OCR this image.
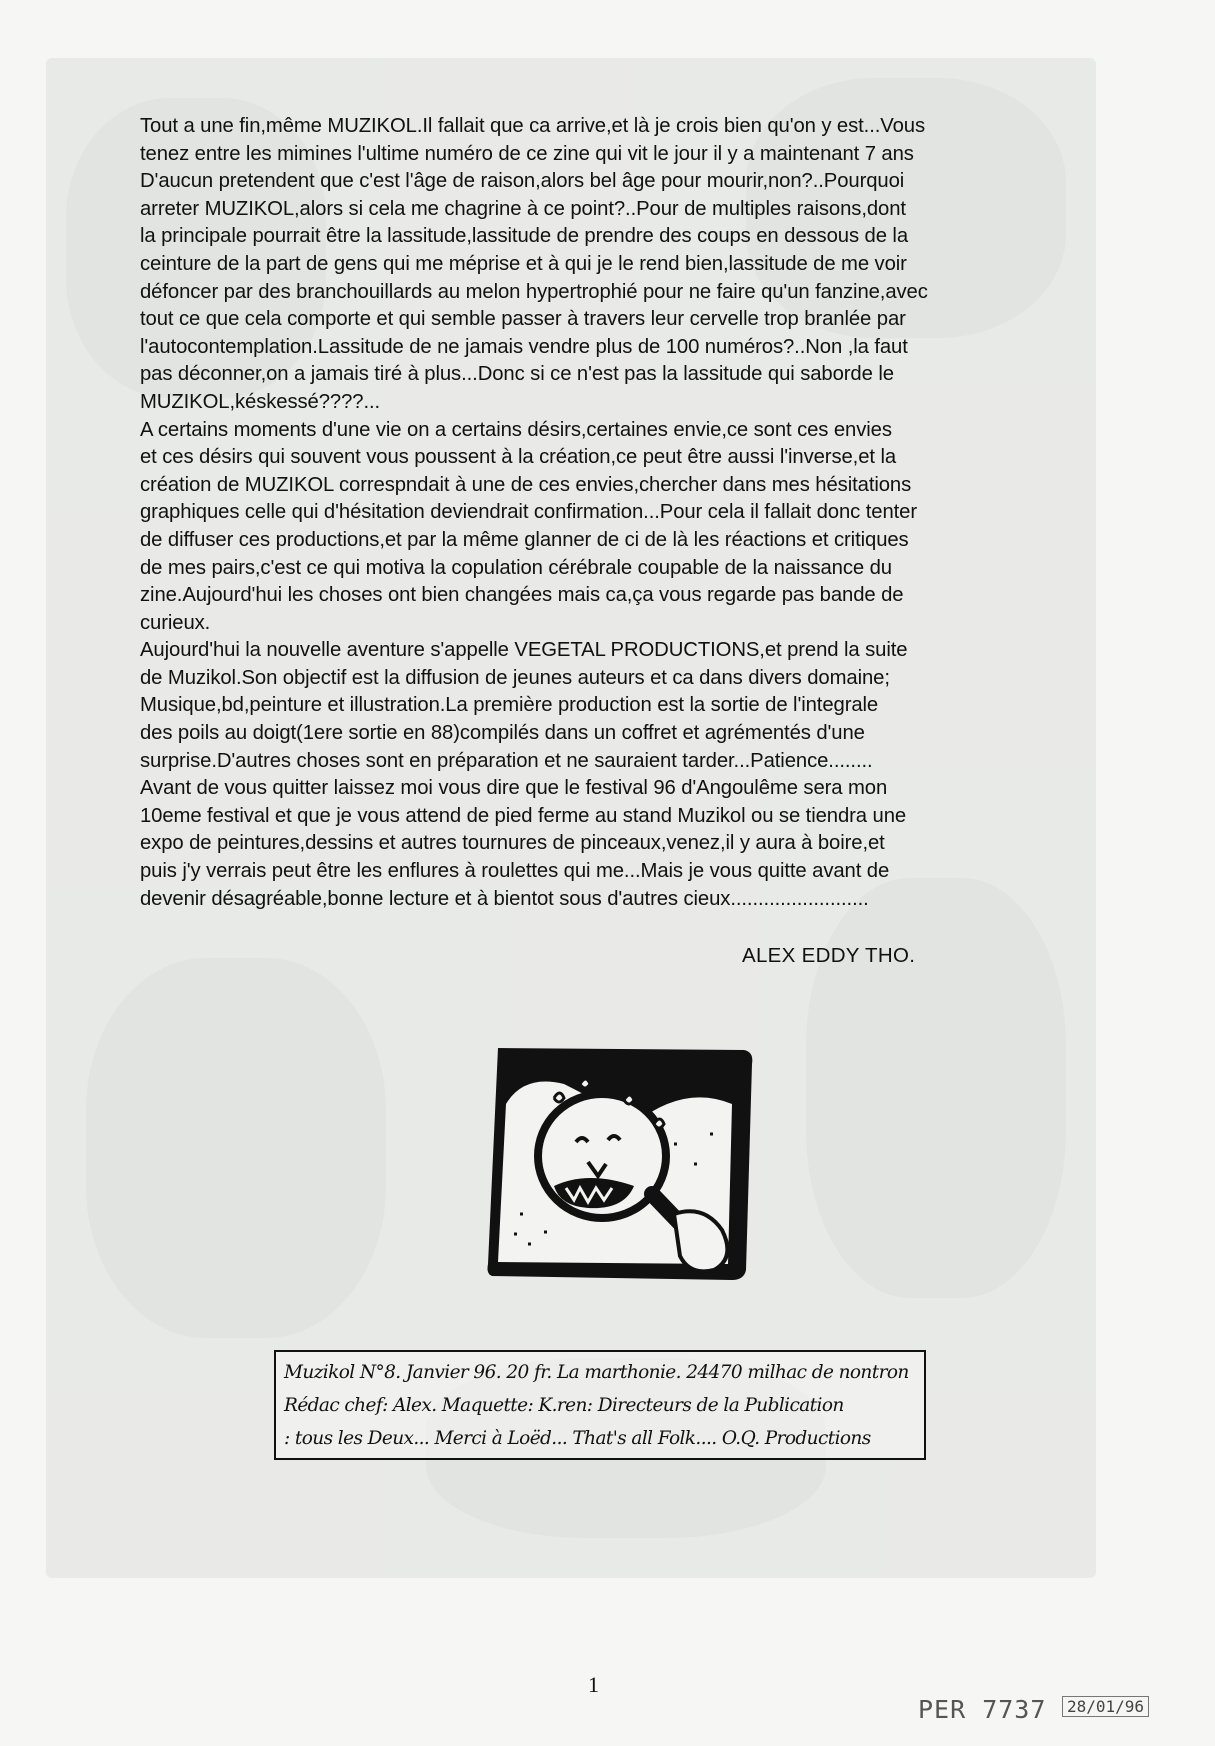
Tout a une fin,même MUZIKOL.Il fallait que ca arrive,et là je crois bien qu'on y est...Vous

tenez entre les mimines l'ultime numéro de ce zine qui vit le jour il y a maintenant 7 ans

D'aucun pretendent que c'est l'âge de raison,alors bel âge pour mourir,non?..Pourquoi

arreter MUZIKOL,alors si cela me chagrine à ce point?..Pour de multiples raisons,dont

la principale pourrait être la lassitude,lassitude de prendre des coups en dessous de la

ceinture de la part de gens qui me méprise et à qui je le rend bien,lassitude de me voir

défoncer par des branchouillards au melon hypertrophié pour ne faire qu'un fanzine,avec

tout ce que cela comporte et qui semble passer à travers leur cervelle trop branlée par

l'autocontemplation.Lassitude de ne jamais vendre plus de 100 numéros?..Non ,la faut

pas déconner,on a jamais tiré à plus...Donc si ce n'est pas la lassitude qui saborde le

MUZIKOL,késkessé????...

A certains moments d'une vie on a certains désirs,certaines envie,ce sont ces envies

et ces désirs qui souvent vous poussent à la création,ce peut être aussi l'inverse,et la

création de MUZIKOL correspndait à une de ces envies,chercher dans mes hésitations

graphiques celle qui d'hésitation deviendrait confirmation...Pour cela il fallait donc tenter

de diffuser ces productions,et par la même glanner de ci de là les réactions et critiques

de mes pairs,c'est ce qui motiva la copulation cérébrale coupable de la naissance du

zine.Aujourd'hui les choses ont bien changées mais ca,ça vous regarde pas bande de

curieux.

Aujourd'hui la nouvelle aventure s'appelle VEGETAL PRODUCTIONS,et prend la suite

de Muzikol.Son objectif est la diffusion de jeunes auteurs et ca dans divers domaine;

Musique,bd,peinture et illustration.La première production est la sortie de l'integrale

des poils au doigt(1ere sortie en 88)compilés dans un coffret et agrémentés d'une

surprise.D'autres choses sont en préparation et ne sauraient tarder...Patience........

Avant de vous quitter laissez moi vous dire que le festival 96 d'Angoulême sera mon

10eme festival et que je vous attend de pied ferme au stand Muzikol ou se tiendra une

expo de peintures,dessins et autres tournures de pinceaux,venez,il y aura à boire,et

puis j'y verrais peut être les enflures à roulettes qui me...Mais je vous quitte avant de

devenir désagréable,bonne lecture et à bientot sous d'autres cieux.........................

ALEX EDDY THO.
Muzikol N°8. Janvier 96. 20 fr. La marthonie. 24470 milhac de nontron
Rédac chef: Alex. Maquette: K.ren: Directeurs de la Publication
: tous les Deux... Merci à Loëd... That's all Folk.... O.Q. Productions
1
PER 7737	28/01/96
